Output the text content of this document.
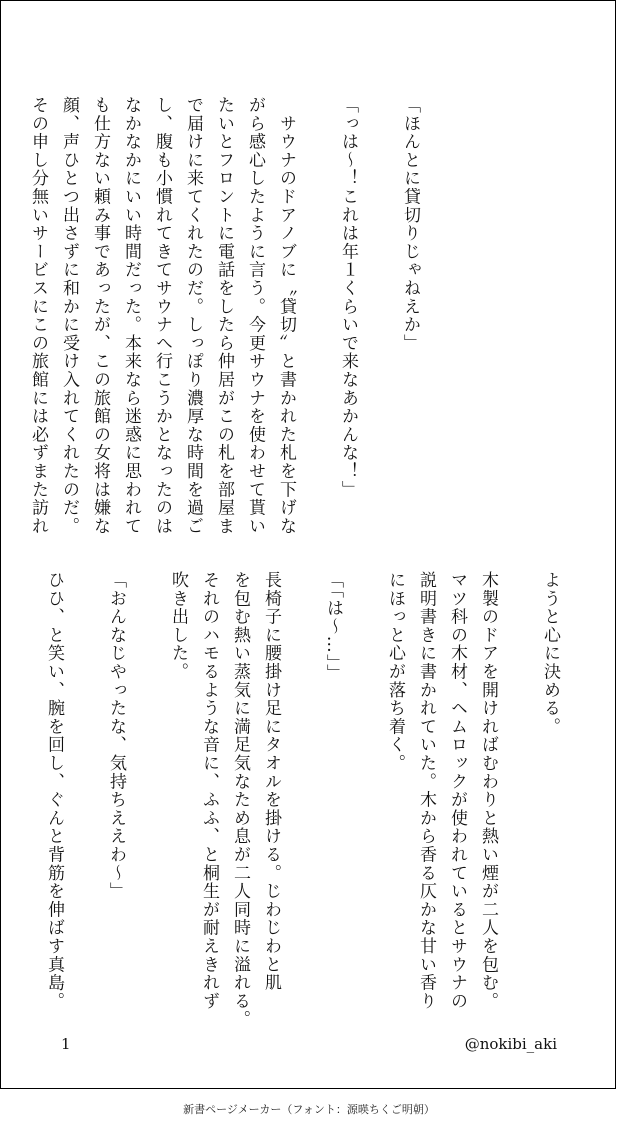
「ほんとに貸切りじゃねえか」

「っは～！これは年１くらいで来なあかんな！」

　サウナのドアノブに〝貸切〟と書かれた札を下げな
がら感心したように言う。今更サウナを使わせて貰い
たいとフロントに電話をしたら仲居がこの札を部屋ま
で届けに来てくれたのだ。しっぽり濃厚な時間を過ご
し、腹も小慣れてきてサウナへ行こうかとなったのは
なかなかにいい時間だった。本来なら迷惑に思われて
も仕方ない頼み事であったが、この旅館の女将は嫌な
顔、声ひとつ出さずに和かに受け入れてくれたのだ。
その申し分無いサービスにこの旅館には必ずまた訪れ
ようと心に決める。

木製のドアを開ければむわりと熱い煙が二人を包む。
マツ科の木材、ヘムロックが使われているとサウナの
説明書きに書かれていた。木から香る仄かな甘い香り
にほっと心が落ち着く。

「「は〜…」」

長椅子に腰掛け足にタオルを掛ける。じわじわと肌
を包む熱い蒸気に満足気なため息が二人同時に溢れる。
それのハモるような音に、ふふ、と桐生が耐えきれず
吹き出した。

「おんなじやったな、気持ちええわ〜」

ひひ、と笑い、腕を回し、ぐんと背筋を伸ばす真島。
1	@nokibi_aki
新書ページメーカー（フォント：源暎ちくご明朝）
